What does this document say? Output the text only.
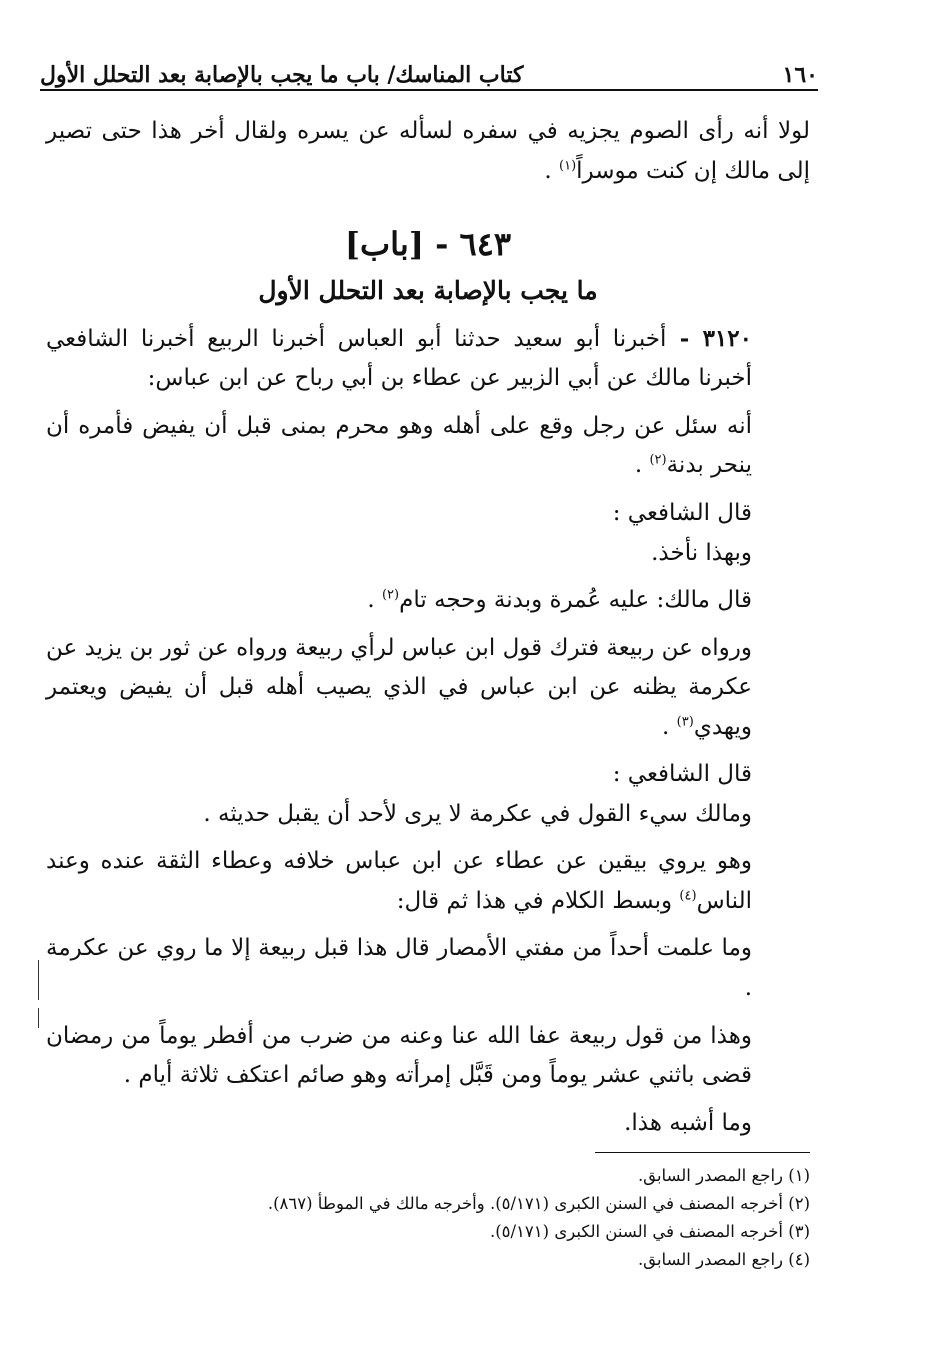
١٦٠
كتاب المناسك/ باب ما يجب بالإصابة بعد التحلل الأول

لولا أنه رأى الصوم يجزيه في سفره لسأله عن يسره ولقال أخر هذا حتى تصير إلى مالك إن كنت موسراً$^{(١)}$ .

٦٤٣ - [باب]

ما يجب بالإصابة بعد التحلل الأول

٣١٢٠ - أخبرنا أبو سعيد حدثنا أبو العباس أخبرنا الربيع أخبرنا الشافعي أخبرنا مالك عن أبي الزبير عن عطاء بن أبي رباح عن ابن عباس:

أنه سئل عن رجل وقع على أهله وهو محرم بمنى قبل أن يفيض فأمره أن ينحر بدنة$^{(٢)}$ .

قال الشافعي :

وبهذا نأخذ.

قال مالك: عليه عُمرة وبدنة وحجه تام$^{(٢)}$ .

ورواه عن ربيعة فترك قول ابن عباس لرأي ربيعة ورواه عن ثور بن يزيد عن عكرمة يظنه عن ابن عباس في الذي يصيب أهله قبل أن يفيض ويعتمر ويهدي$^{(٣)}$ .

قال الشافعي :

ومالك سيء القول في عكرمة لا يرى لأحد أن يقبل حديثه .

وهو يروي بيقين عن عطاء عن ابن عباس خلافه وعطاء الثقة عنده وعند الناس$^{(٤)}$ وبسط الكلام في هذا ثم قال:

وما علمت أحداً من مفتي الأمصار قال هذا قبل ربيعة إلا ما روي عن عكرمة .

وهذا من قول ربيعة عفا الله عنا وعنه من ضرب من أفطر يوماً من رمضان قضى باثني عشر يوماً ومن قَبَّل إمرأته وهو صائم اعتكف ثلاثة أيام .

وما أشبه هذا.

(١) راجع المصدر السابق.
(٢) أخرجه المصنف في السنن الكبرى (٥/١٧١). وأخرجه مالك في الموطأ (٨٦٧).
(٣) أخرجه المصنف في السنن الكبرى (٥/١٧١).
(٤) راجع المصدر السابق.
